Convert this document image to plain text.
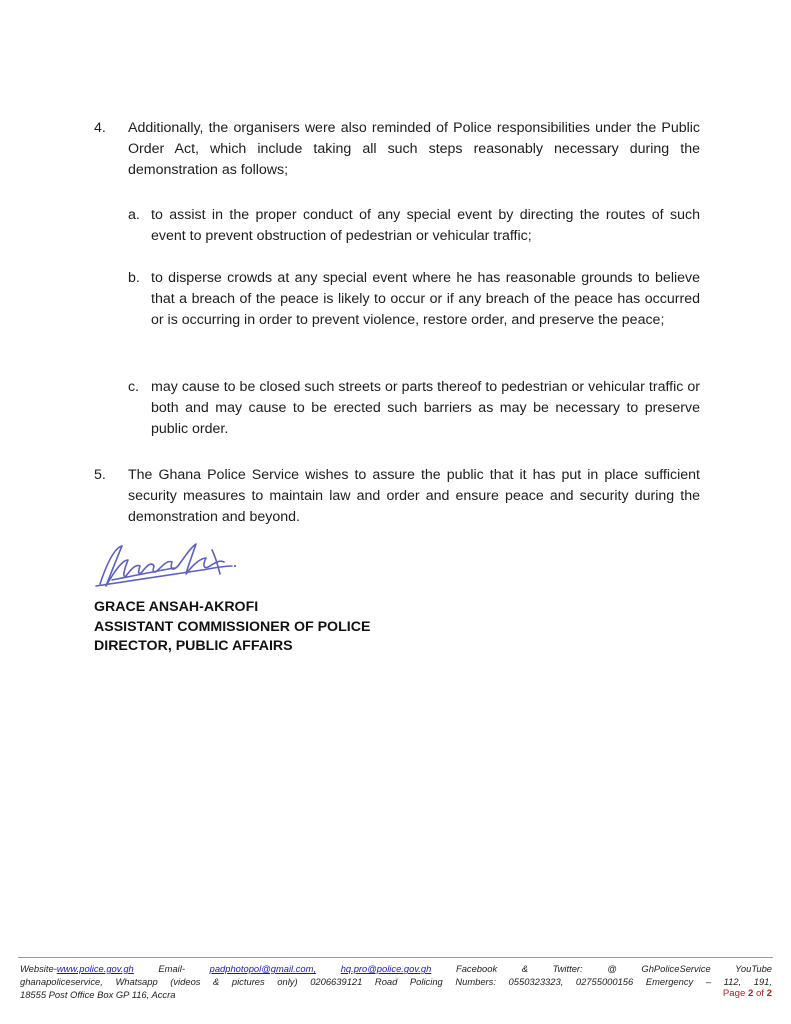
4. Additionally, the organisers were also reminded of Police responsibilities under the Public Order Act, which include taking all such steps reasonably necessary during the demonstration as follows;
a. to assist in the proper conduct of any special event by directing the routes of such event to prevent obstruction of pedestrian or vehicular traffic;
b. to disperse crowds at any special event where he has reasonable grounds to believe that a breach of the peace is likely to occur or if any breach of the peace has occurred or is occurring in order to prevent violence, restore order, and preserve the peace;
c. may cause to be closed such streets or parts thereof to pedestrian or vehicular traffic or both and may cause to be erected such barriers as may be necessary to preserve public order.
5. The Ghana Police Service wishes to assure the public that it has put in place sufficient security measures to maintain law and order and ensure peace and security during the demonstration and beyond.
GRACE ANSAH-AKROFI
ASSISTANT COMMISSIONER OF POLICE
DIRECTOR, PUBLIC AFFAIRS
Website-www.police.gov.gh	Email-	padphotopol@gmail.com,	hq.pro@police.gov.gh	Facebook & Twitter: @ GhPoliceService YouTube
ghanapoliceservice, Whatsapp (videos & pictures only) 0206639121 Road Policing Numbers: 0550323323, 02755000156 Emergency – 112, 191,
18555 Post Office Box GP 116, Accra	Page 2 of 2
